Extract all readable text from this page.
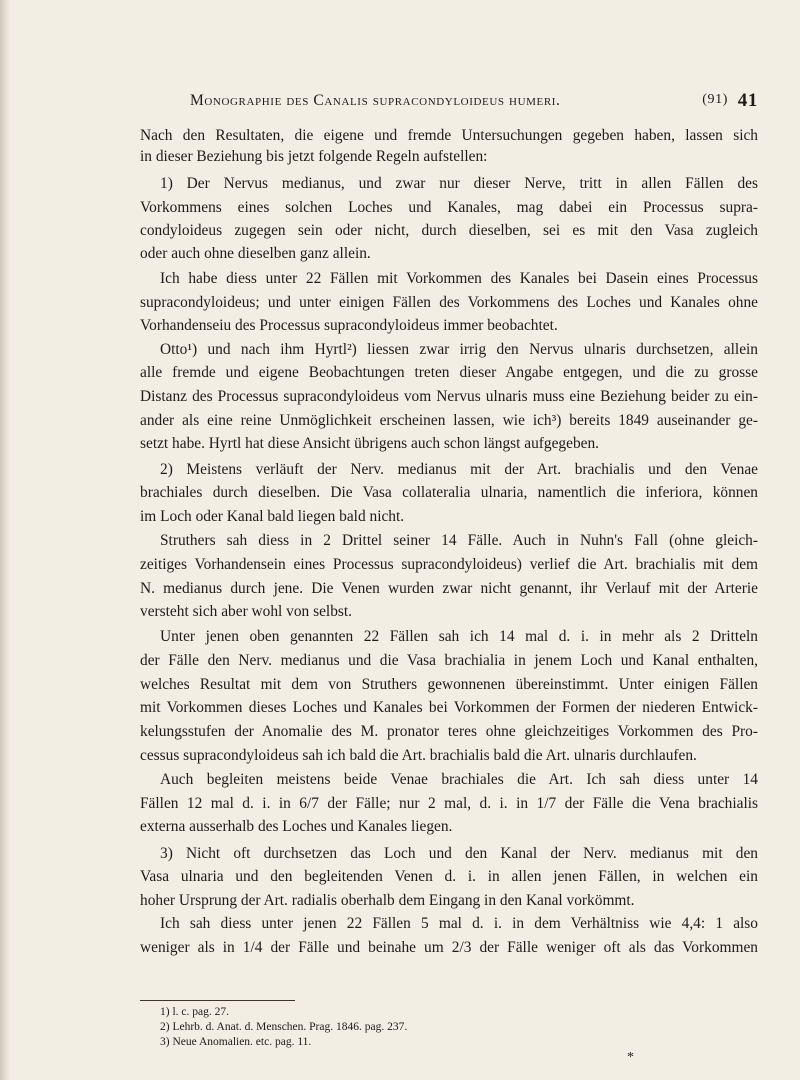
Monographie des Canalis supracondyloideus humeri.	(91) 41
Nach den Resultaten, die eigene und fremde Untersuchungen gegeben haben, lassen sich
in dieser Beziehung bis jetzt folgende Regeln aufstellen:
1) Der Nervus medianus, und zwar nur dieser Nerve, tritt in allen Fällen des
Vorkommens eines solchen Loches und Kanales, mag dabei ein Processus supra-
condyloideus zugegen sein oder nicht, durch dieselben, sei es mit den Vasa zugleich
oder auch ohne dieselben ganz allein.
Ich habe diess unter 22 Fällen mit Vorkommen des Kanales bei Dasein eines Processus
supracondyloideus; und unter einigen Fällen des Vorkommens des Loches und Kanales ohne
Vorhandenseiu des Processus supracondyloideus immer beobachtet.
Otto¹) und nach ihm Hyrtl²) liessen zwar irrig den Nervus ulnaris durchsetzen, allein
alle fremde und eigene Beobachtungen treten dieser Angabe entgegen, und die zu grosse
Distanz des Processus supracondyloideus vom Nervus ulnaris muss eine Beziehung beider zu ein-
ander als eine reine Unmöglichkeit erscheinen lassen, wie ich³) bereits 1849 auseinander ge-
setzt habe. Hyrtl hat diese Ansicht übrigens auch schon längst aufgegeben.
2) Meistens verläuft der Nerv. medianus mit der Art. brachialis und den Venae
brachiales durch dieselben. Die Vasa collateralia ulnaria, namentlich die inferiora, können
im Loch oder Kanal bald liegen bald nicht.
Struthers sah diess in 2 Drittel seiner 14 Fälle. Auch in Nuhn's Fall (ohne gleich-
zeitiges Vorhandensein eines Processus supracondyloideus) verlief die Art. brachialis mit dem
N. medianus durch jene. Die Venen wurden zwar nicht genannt, ihr Verlauf mit der Arterie
versteht sich aber wohl von selbst.
Unter jenen oben genannten 22 Fällen sah ich 14 mal d. i. in mehr als 2 Dritteln
der Fälle den Nerv. medianus und die Vasa brachialia in jenem Loch und Kanal enthalten,
welches Resultat mit dem von Struthers gewonnenen übereinstimmt. Unter einigen Fällen
mit Vorkommen dieses Loches und Kanales bei Vorkommen der Formen der niederen Entwick-
kelungsstufen der Anomalie des M. pronator teres ohne gleichzeitiges Vorkommen des Pro-
cessus supracondyloideus sah ich bald die Art. brachialis bald die Art. ulnaris durchlaufen.
Auch begleiten meistens beide Venae brachiales die Art. Ich sah diess unter 14
Fällen 12 mal d. i. in 6/7 der Fälle; nur 2 mal, d. i. in 1/7 der Fälle die Vena brachialis
externa ausserhalb des Loches und Kanales liegen.
3) Nicht oft durchsetzen das Loch und den Kanal der Nerv. medianus mit den
Vasa ulnaria und den begleitenden Venen d. i. in allen jenen Fällen, in welchen ein
hoher Ursprung der Art. radialis oberhalb dem Eingang in den Kanal vorkömmt.
Ich sah diess unter jenen 22 Fällen 5 mal d. i. in dem Verhältniss wie 4,4: 1 also
weniger als in 1/4 der Fälle und beinahe um 2/3 der Fälle weniger oft als das Vorkommen
1) l. c. pag. 27.
2) Lehrb. d. Anat. d. Menschen. Prag. 1846. pag. 237.
3) Neue Anomalien. etc. pag. 11.
*
